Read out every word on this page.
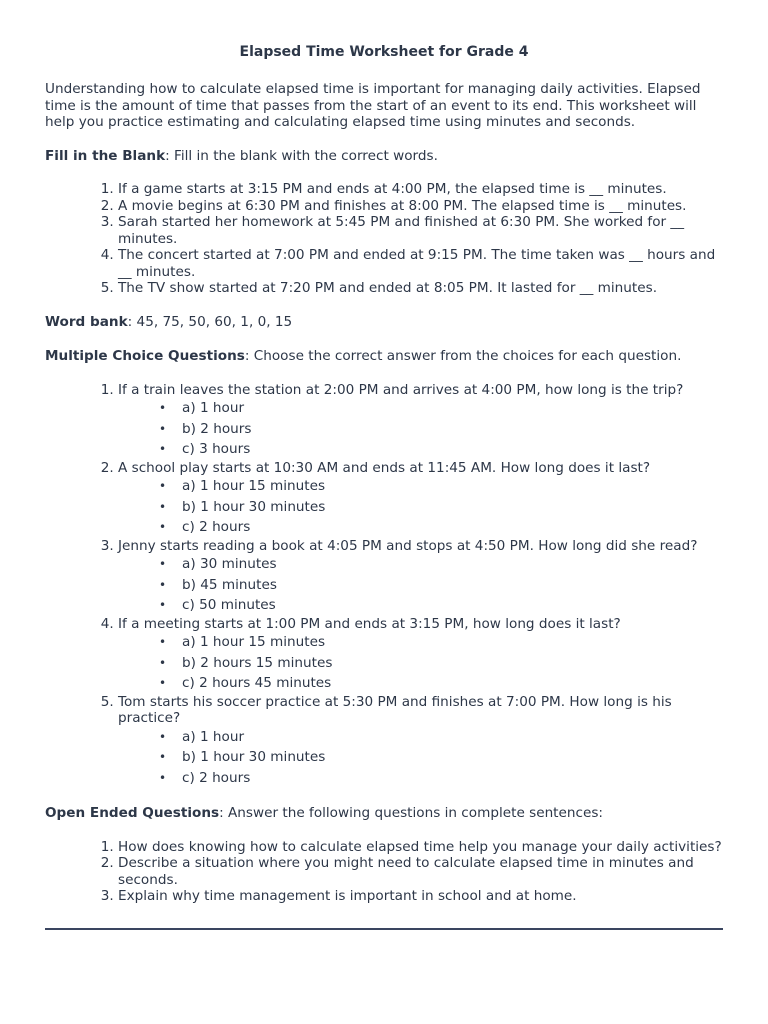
Elapsed Time Worksheet for Grade 4

Understanding how to calculate elapsed time is important for managing daily activities. Elapsed time is the amount of time that passes from the start of an event to its end. This worksheet will help you practice estimating and calculating elapsed time using minutes and seconds.

Fill in the Blank: Fill in the blank with the correct words.

1. If a game starts at 3:15 PM and ends at 4:00 PM, the elapsed time is __ minutes.
2. A movie begins at 6:30 PM and finishes at 8:00 PM. The elapsed time is __ minutes.
3. Sarah started her homework at 5:45 PM and finished at 6:30 PM. She worked for __ minutes.
4. The concert started at 7:00 PM and ended at 9:15 PM. The time taken was __ hours and __ minutes.
5. The TV show started at 7:20 PM and ended at 8:05 PM. It lasted for __ minutes.

Word bank: 45, 75, 50, 60, 1, 0, 15

Multiple Choice Questions: Choose the correct answer from the choices for each question.

1. If a train leaves the station at 2:00 PM and arrives at 4:00 PM, how long is the trip?
• a) 1 hour
• b) 2 hours
• c) 3 hours
2. A school play starts at 10:30 AM and ends at 11:45 AM. How long does it last?
• a) 1 hour 15 minutes
• b) 1 hour 30 minutes
• c) 2 hours
3. Jenny starts reading a book at 4:05 PM and stops at 4:50 PM. How long did she read?
• a) 30 minutes
• b) 45 minutes
• c) 50 minutes
4. If a meeting starts at 1:00 PM and ends at 3:15 PM, how long does it last?
• a) 1 hour 15 minutes
• b) 2 hours 15 minutes
• c) 2 hours 45 minutes
5. Tom starts his soccer practice at 5:30 PM and finishes at 7:00 PM. How long is his practice?
• a) 1 hour
• b) 1 hour 30 minutes
• c) 2 hours

Open Ended Questions: Answer the following questions in complete sentences:

1. How does knowing how to calculate elapsed time help you manage your daily activities?
2. Describe a situation where you might need to calculate elapsed time in minutes and seconds.
3. Explain why time management is important in school and at home.
